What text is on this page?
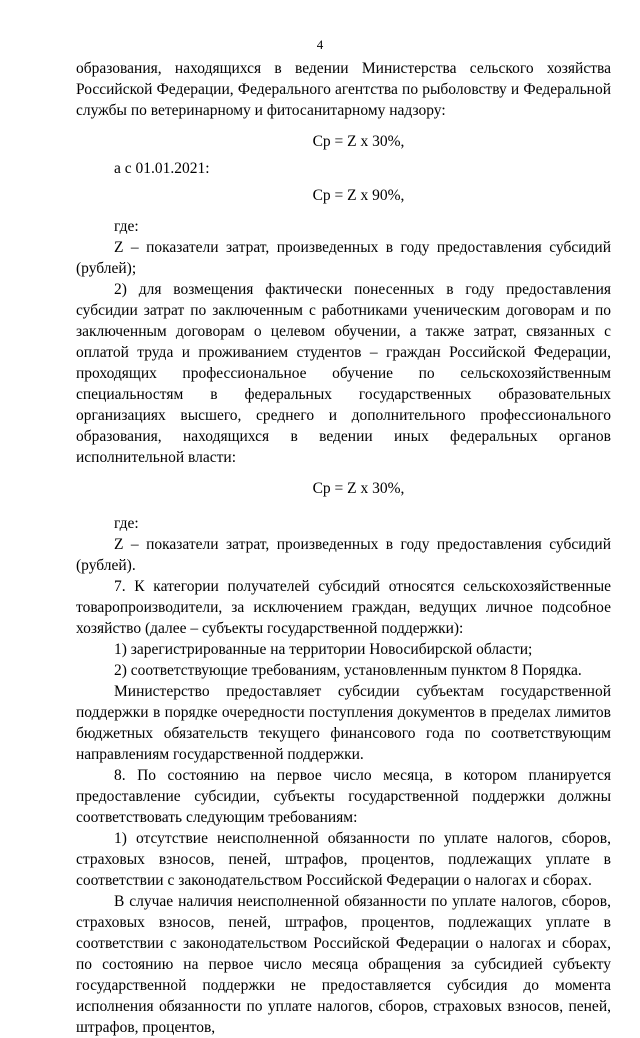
4

образования, находящихся в ведении Министерства сельского хозяйства Российской Федерации, Федерального агентства по рыболовству и Федеральной службы по ветеринарному и фитосанитарному надзору:

Ср = Z x 30%,

а с 01.01.2021:

Ср = Z x 90%,

где:

Z – показатели затрат, произведенных в году предоставления субсидий (рублей);

2) для возмещения фактически понесенных в году предоставления субсидии затрат по заключенным с работниками ученическим договорам и по заключенным договорам о целевом обучении, а также затрат, связанных с оплатой труда и проживанием студентов – граждан Российской Федерации, проходящих профессиональное обучение по сельскохозяйственным специальностям в федеральных государственных образовательных организациях высшего, среднего и дополнительного профессионального образования, находящихся в ведении иных федеральных органов исполнительной власти:

Ср = Z x 30%,

где:

Z – показатели затрат, произведенных в году предоставления субсидий (рублей).

7. К категории получателей субсидий относятся сельскохозяйственные товаропроизводители, за исключением граждан, ведущих личное подсобное хозяйство (далее – субъекты государственной поддержки):

1) зарегистрированные на территории Новосибирской области;

2) соответствующие требованиям, установленным пунктом 8 Порядка.

Министерство предоставляет субсидии субъектам государственной поддержки в порядке очередности поступления документов в пределах лимитов бюджетных обязательств текущего финансового года по соответствующим направлениям государственной поддержки.

8. По состоянию на первое число месяца, в котором планируется предоставление субсидии, субъекты государственной поддержки должны соответствовать следующим требованиям:

1) отсутствие неисполненной обязанности по уплате налогов, сборов, страховых взносов, пеней, штрафов, процентов, подлежащих уплате в соответствии с законодательством Российской Федерации о налогах и сборах.

В случае наличия неисполненной обязанности по уплате налогов, сборов, страховых взносов, пеней, штрафов, процентов, подлежащих уплате в соответствии с законодательством Российской Федерации о налогах и сборах, по состоянию на первое число месяца обращения за субсидией субъекту государственной поддержки не предоставляется субсидия до момента исполнения обязанности по уплате налогов, сборов, страховых взносов, пеней, штрафов, процентов,
